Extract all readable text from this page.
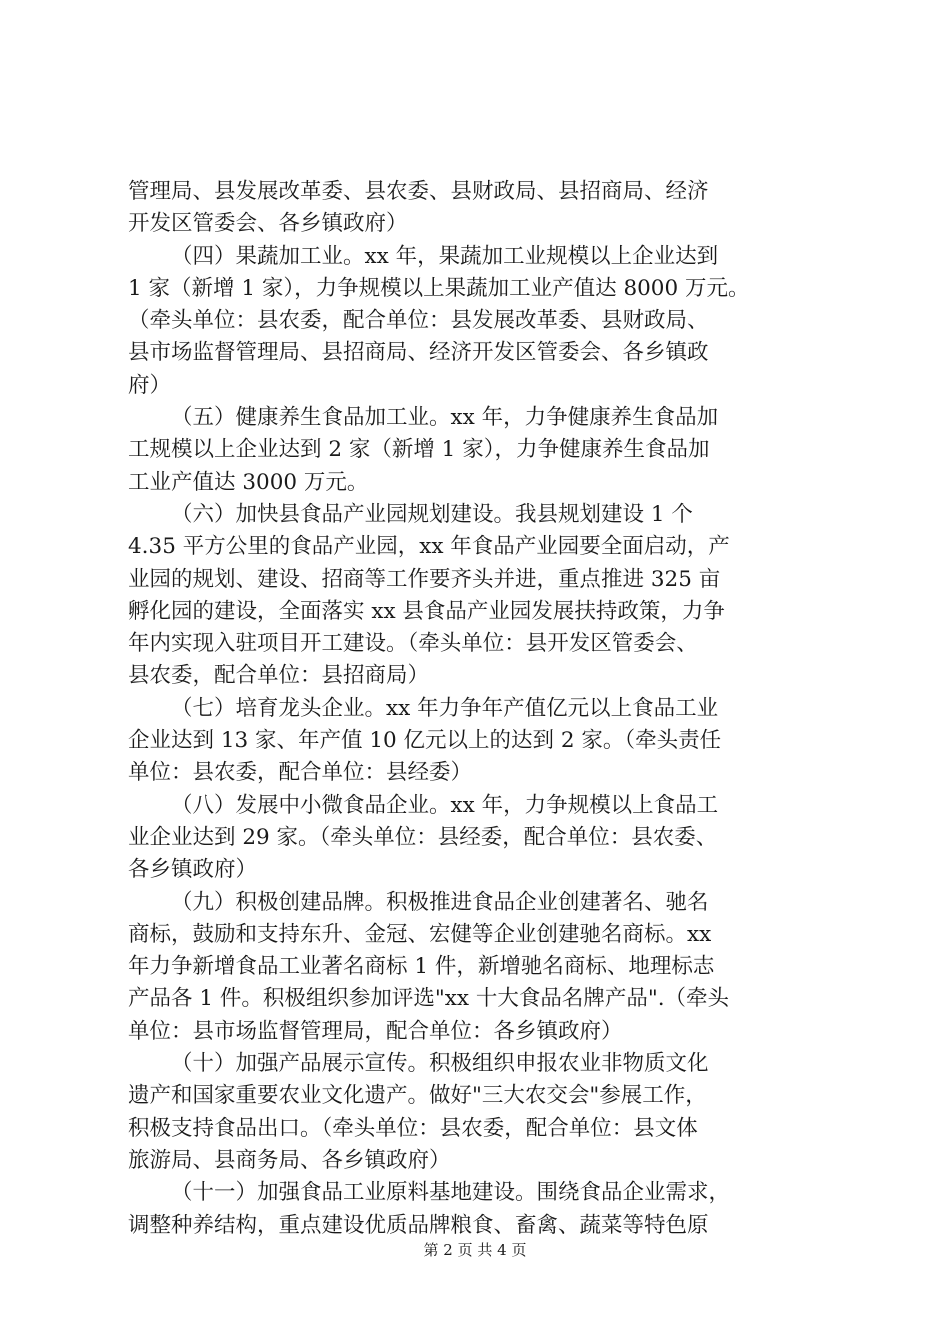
管理局、县发展改革委、县农委、县财政局、县招商局、经济
开发区管委会、各乡镇政府）
（四）果蔬加工业。xx 年，果蔬加工业规模以上企业达到
1 家（新增 1 家），力争规模以上果蔬加工业产值达 8000 万元。
（牵头单位：县农委，配合单位：县发展改革委、县财政局、
县市场监督管理局、县招商局、经济开发区管委会、各乡镇政
府）
（五）健康养生食品加工业。xx 年，力争健康养生食品加
工规模以上企业达到 2 家（新增 1 家），力争健康养生食品加
工业产值达 3000 万元。
（六）加快县食品产业园规划建设。我县规划建设 1 个
4.35 平方公里的食品产业园，xx 年食品产业园要全面启动，产
业园的规划、建设、招商等工作要齐头并进，重点推进 325 亩
孵化园的建设，全面落实 xx 县食品产业园发展扶持政策，力争
年内实现入驻项目开工建设。（牵头单位：县开发区管委会、
县农委，配合单位：县招商局）
（七）培育龙头企业。xx 年力争年产值亿元以上食品工业
企业达到 13 家、年产值 10 亿元以上的达到 2 家。（牵头责任
单位：县农委，配合单位：县经委）
（八）发展中小微食品企业。xx 年，力争规模以上食品工
业企业达到 29 家。（牵头单位：县经委，配合单位：县农委、
各乡镇政府）
（九）积极创建品牌。积极推进食品企业创建著名、驰名
商标，鼓励和支持东升、金冠、宏健等企业创建驰名商标。xx
年力争新增食品工业著名商标 1 件，新增驰名商标、地理标志
产品各 1 件。积极组织参加评选"xx 十大食品名牌产品".（牵头
单位：县市场监督管理局，配合单位：各乡镇政府）
（十）加强产品展示宣传。积极组织申报农业非物质文化
遗产和国家重要农业文化遗产。做好"三大农交会"参展工作，
积极支持食品出口。（牵头单位：县农委，配合单位：县文体
旅游局、县商务局、各乡镇政府）
（十一）加强食品工业原料基地建设。围绕食品企业需求，
调整种养结构，重点建设优质品牌粮食、畜禽、蔬菜等特色原
第 2 页 共 4 页
